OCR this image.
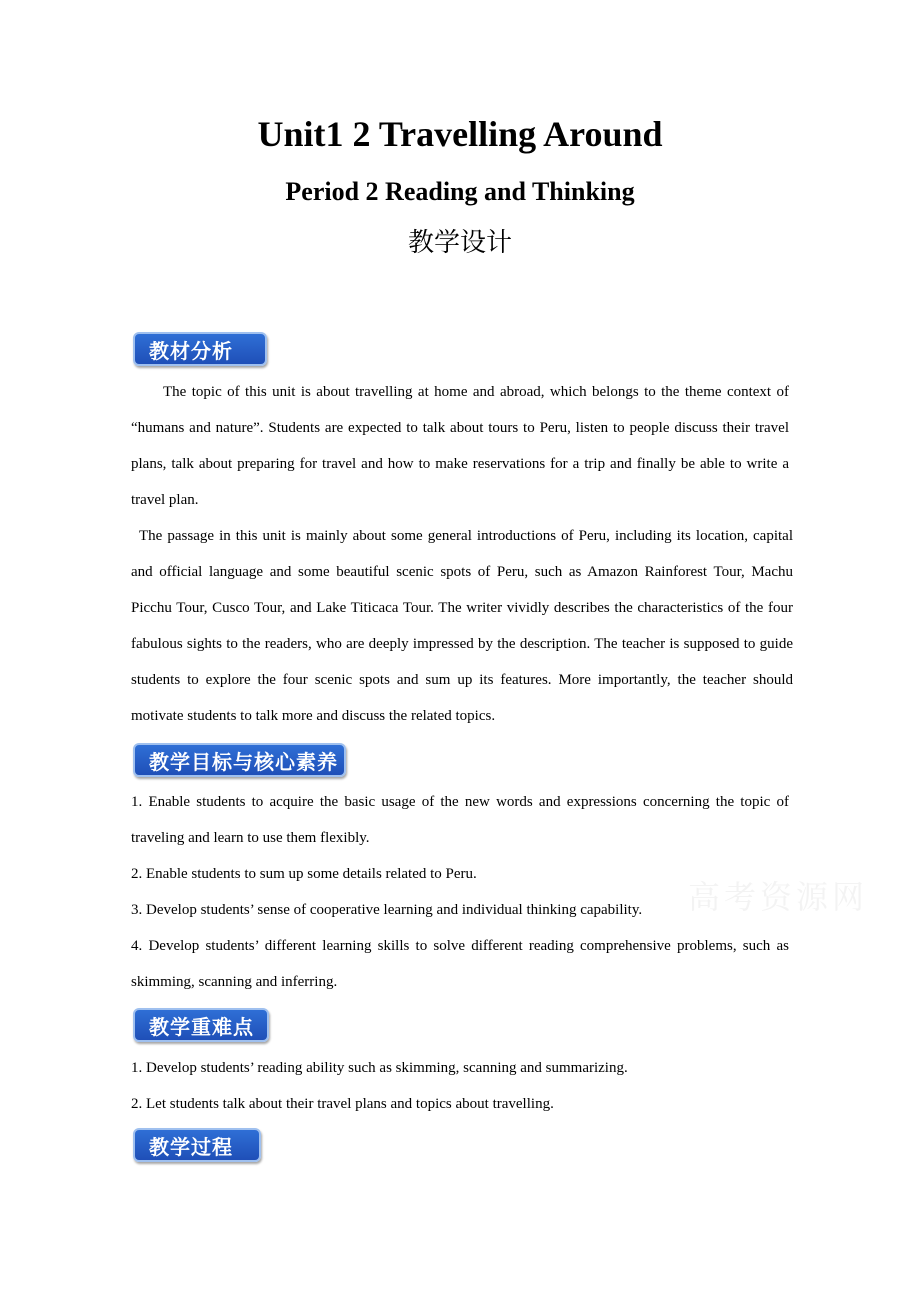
Unit1 2 Travelling Around
Period 2 Reading and Thinking
教学设计
教材分析
The topic of this unit is about travelling at home and abroad, which belongs to the theme context of “humans and nature”. Students are expected to talk about tours to Peru, listen to people discuss their travel plans, talk about preparing for travel and how to make reservations for a trip and finally be able to write a travel plan.
The passage in this unit is mainly about some general introductions of Peru, including its location, capital and official language and some beautiful scenic spots of Peru, such as Amazon Rainforest Tour, Machu Picchu Tour, Cusco Tour, and Lake Titicaca Tour. The writer vividly describes the characteristics of the four fabulous sights to the readers, who are deeply impressed by the description. The teacher is supposed to guide students to explore the four scenic spots and sum up its features. More importantly, the teacher should motivate students to talk more and discuss the related topics.
教学目标与核心素养
1. Enable students to acquire the basic usage of the new words and expressions concerning the topic of traveling and learn to use them flexibly.
2. Enable students to sum up some details related to Peru.
3. Develop students’ sense of cooperative learning and individual thinking capability.
4. Develop students’ different learning skills to solve different reading comprehensive problems, such as skimming, scanning and inferring.
高考资源网
教学重难点
1. Develop students’ reading ability such as skimming, scanning and summarizing.
2. Let students talk about their travel plans and topics about travelling.
教学过程
